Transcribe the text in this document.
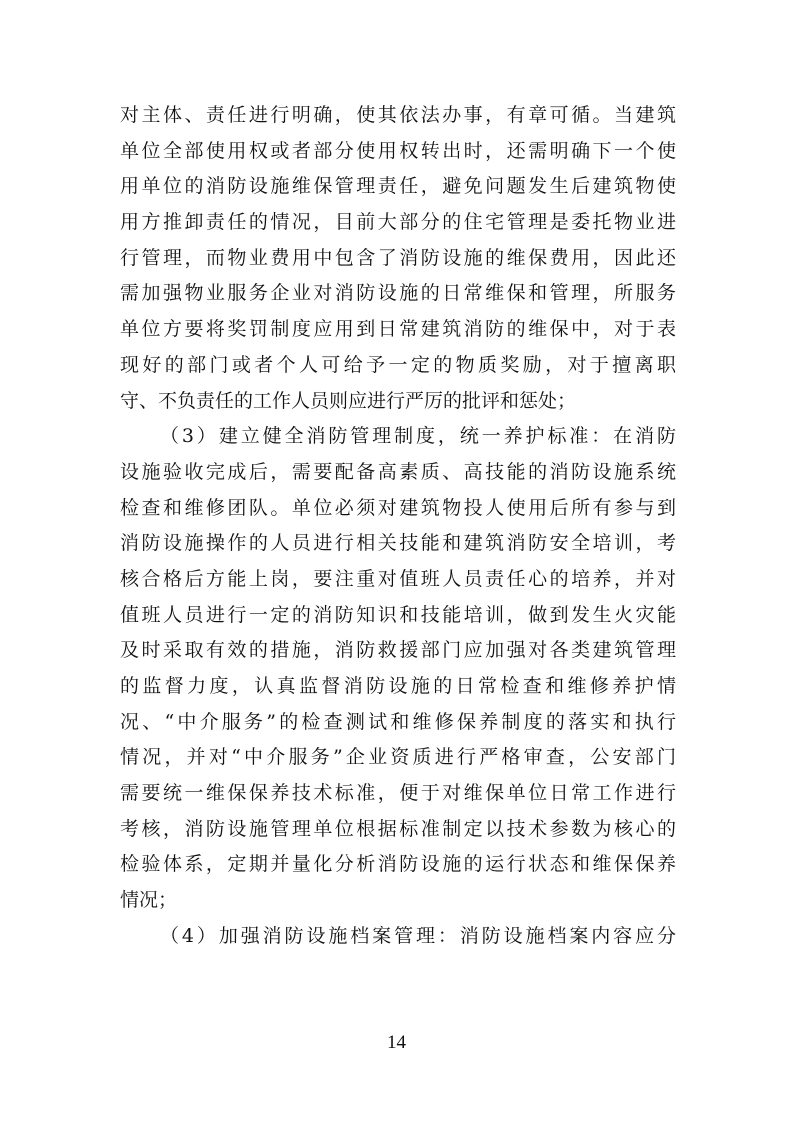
对主体、责任进行明确，使其依法办事，有章可循。当建筑
单位全部使用权或者部分使用权转出时，还需明确下一个使
用单位的消防设施维保管理责任，避免问题发生后建筑物使
用方推卸责任的情况，目前大部分的住宅管理是委托物业进
行管理，而物业费用中包含了消防设施的维保费用，因此还
需加强物业服务企业对消防设施的日常维保和管理，所服务
单位方要将奖罚制度应用到日常建筑消防的维保中，对于表
现好的部门或者个人可给予一定的物质奖励，对于擅离职
守、不负责任的工作人员则应进行严厉的批评和惩处；
（3）建立健全消防管理制度，统一养护标准：在消防
设施验收完成后，需要配备高素质、高技能的消防设施系统
检查和维修团队。单位必须对建筑物投人使用后所有参与到
消防设施操作的人员进行相关技能和建筑消防安全培训，考
核合格后方能上岗，要注重对值班人员责任心的培养，并对
值班人员进行一定的消防知识和技能培训，做到发生火灾能
及时采取有效的措施，消防救援部门应加强对各类建筑管理
的监督力度，认真监督消防设施的日常检查和维修养护情
况、“中介服务”的检查测试和维修保养制度的落实和执行
情况，并对“中介服务”企业资质进行严格审查，公安部门
需要统一维保保养技术标准，便于对维保单位日常工作进行
考核，消防设施管理单位根据标准制定以技术参数为核心的
检验体系，定期并量化分析消防设施的运行状态和维保保养
情况；
（4）加强消防设施档案管理：消防设施档案内容应分
14
